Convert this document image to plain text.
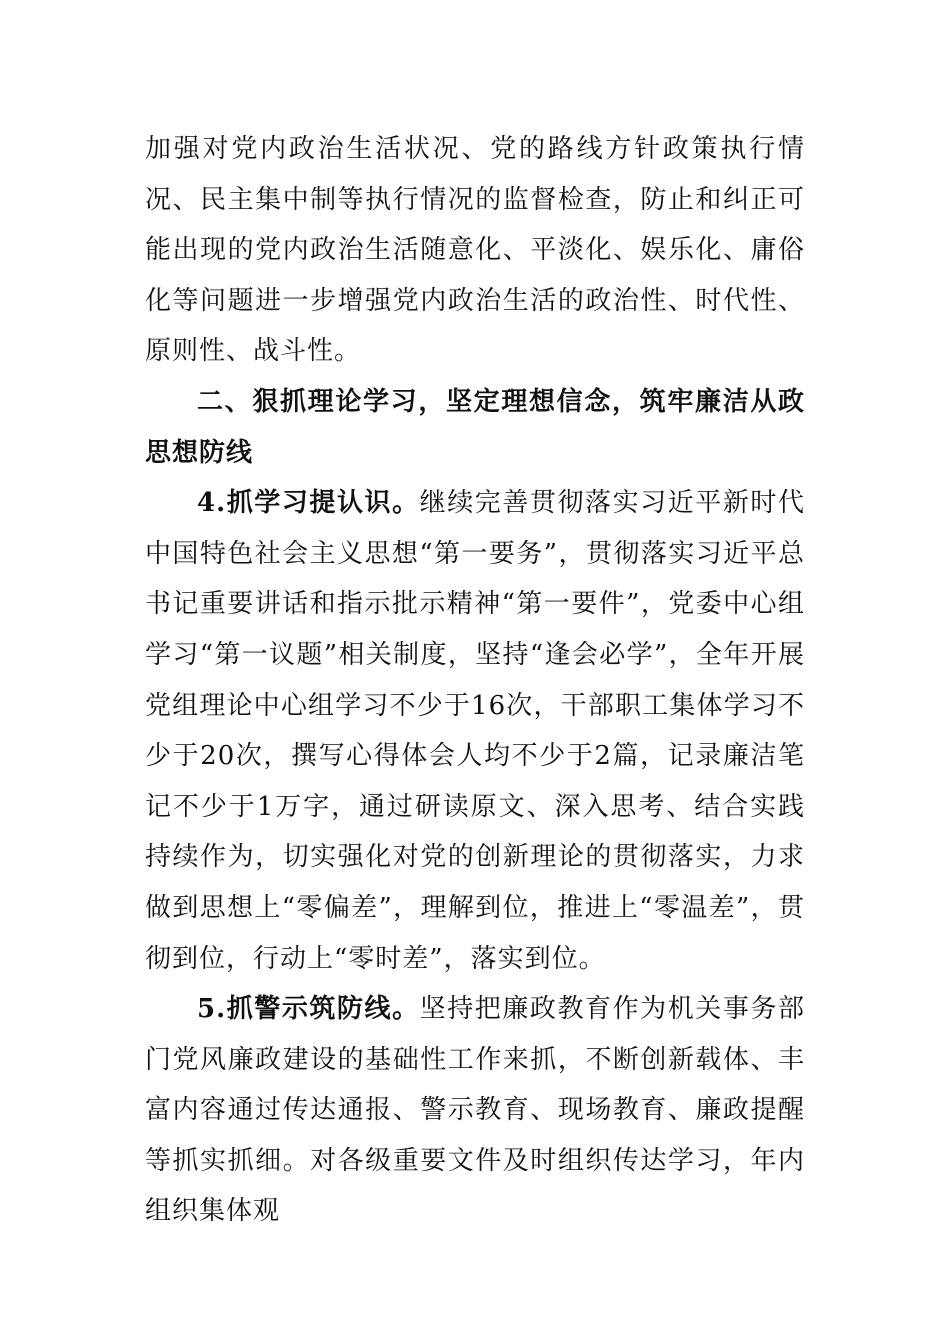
加强对党内政治生活状况、党的路线方针政策执行情况、民主集中制等执行情况的监督检查，防止和纠正可能出现的党内政治生活随意化、平淡化、娱乐化、庸俗化等问题进一步增强党内政治生活的政治性、时代性、原则性、战斗性。

二、狠抓理论学习，坚定理想信念，筑牢廉洁从政思想防线

4.抓学习提认识。继续完善贯彻落实习近平新时代中国特色社会主义思想“第一要务”，贯彻落实习近平总书记重要讲话和指示批示精神“第一要件”，党委中心组学习“第一议题”相关制度，坚持“逢会必学”，全年开展党组理论中心组学习不少于16次，干部职工集体学习不少于20次，撰写心得体会人均不少于2篇，记录廉洁笔记不少于1万字，通过研读原文、深入思考、结合实践持续作为，切实强化对党的创新理论的贯彻落实，力求做到思想上“零偏差”，理解到位，推进上“零温差”，贯彻到位，行动上“零时差”，落实到位。

5.抓警示筑防线。坚持把廉政教育作为机关事务部门党风廉政建设的基础性工作来抓，不断创新载体、丰富内容通过传达通报、警示教育、现场教育、廉政提醒等抓实抓细。对各级重要文件及时组织传达学习，年内组织集体观
